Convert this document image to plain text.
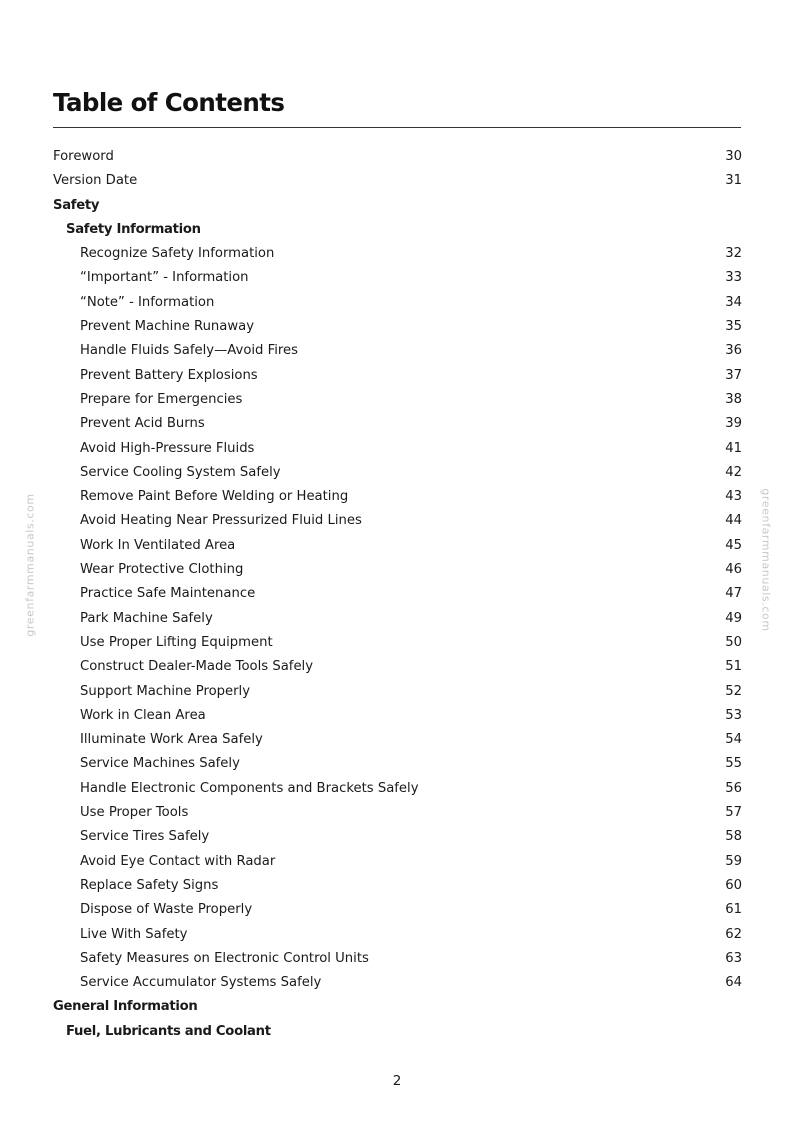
Table of Contents
Foreword	30
Version Date	31
Safety
Safety Information
Recognize Safety Information	32
“Important” - Information	33
“Note” - Information	34
Prevent Machine Runaway	35
Handle Fluids Safely—Avoid Fires	36
Prevent Battery Explosions	37
Prepare for Emergencies	38
Prevent Acid Burns	39
Avoid High-Pressure Fluids	41
Service Cooling System Safely	42
Remove Paint Before Welding or Heating	43
Avoid Heating Near Pressurized Fluid Lines	44
Work In Ventilated Area	45
Wear Protective Clothing	46
Practice Safe Maintenance	47
Park Machine Safely	49
Use Proper Lifting Equipment	50
Construct Dealer-Made Tools Safely	51
Support Machine Properly	52
Work in Clean Area	53
Illuminate Work Area Safely	54
Service Machines Safely	55
Handle Electronic Components and Brackets Safely	56
Use Proper Tools	57
Service Tires Safely	58
Avoid Eye Contact with Radar	59
Replace Safety Signs	60
Dispose of Waste Properly	61
Live With Safety	62
Safety Measures on Electronic Control Units	63
Service Accumulator Systems Safely	64
General Information
Fuel, Lubricants and Coolant
greenfarmmanuals.com	greenfarmmanuals.com
2
